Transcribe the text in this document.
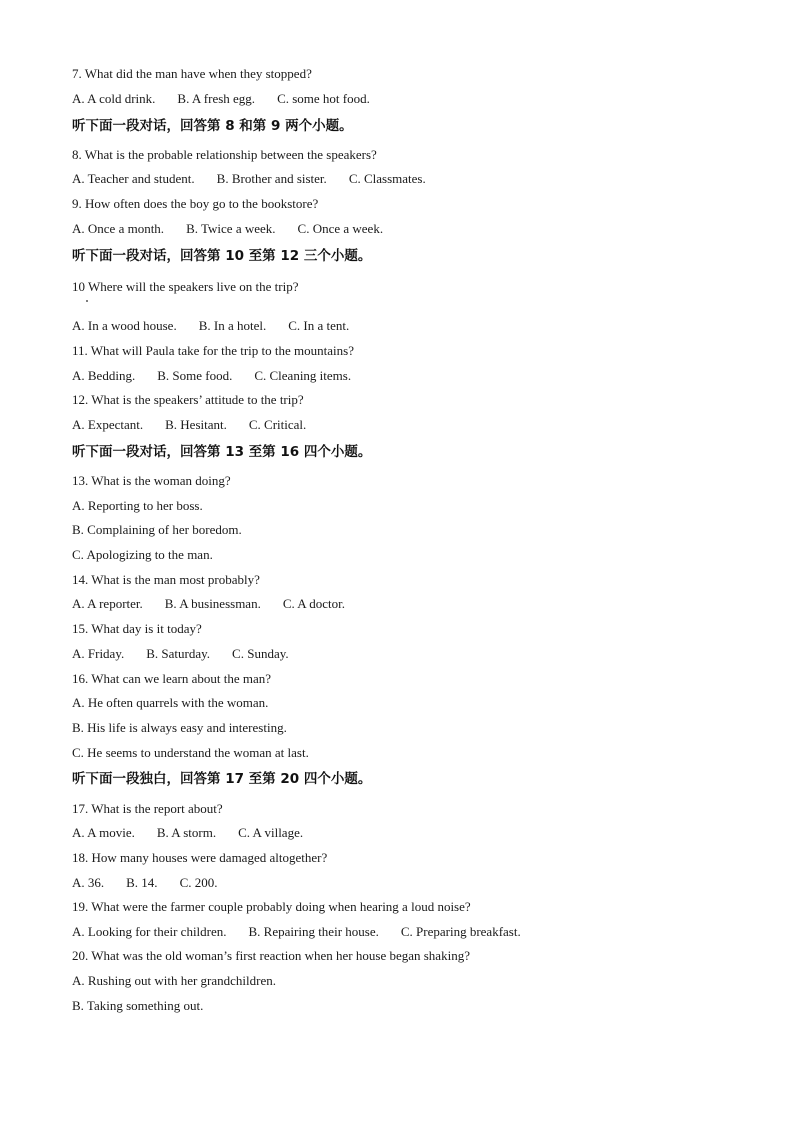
7. What did the man have when they stopped?
A. A cold drink. B. A fresh egg. C. some hot food.
听下面一段对话，回答第 8 和第 9 两个小题。
8. What is the probable relationship between the speakers?
A. Teacher and student. B. Brother and sister. C. Classmates.
9. How often does the boy go to the bookstore?
A. Once a month. B. Twice a week. C. Once a week.
听下面一段对话，回答第 10 至第 12 三个小题。
10 Where will the speakers live on the trip?
A. In a wood house. B. In a hotel. C. In a tent.
11. What will Paula take for the trip to the mountains?
A. Bedding. B. Some food. C. Cleaning items.
12. What is the speakers’ attitude to the trip?
A. Expectant. B. Hesitant. C. Critical.
听下面一段对话，回答第 13 至第 16 四个小题。
13. What is the woman doing?
A. Reporting to her boss.
B. Complaining of her boredom.
C. Apologizing to the man.
14. What is the man most probably?
A. A reporter. B. A businessman. C. A doctor.
15. What day is it today?
A. Friday. B. Saturday. C. Sunday.
16. What can we learn about the man?
A. He often quarrels with the woman.
B. His life is always easy and interesting.
C. He seems to understand the woman at last.
听下面一段独白，回答第 17 至第 20 四个小题。
17. What is the report about?
A. A movie. B. A storm. C. A village.
18. How many houses were damaged altogether?
A. 36. B. 14. C. 200.
19. What were the farmer couple probably doing when hearing a loud noise?
A. Looking for their children. B. Repairing their house. C. Preparing breakfast.
20. What was the old woman’s first reaction when her house began shaking?
A. Rushing out with her grandchildren.
B. Taking something out.
